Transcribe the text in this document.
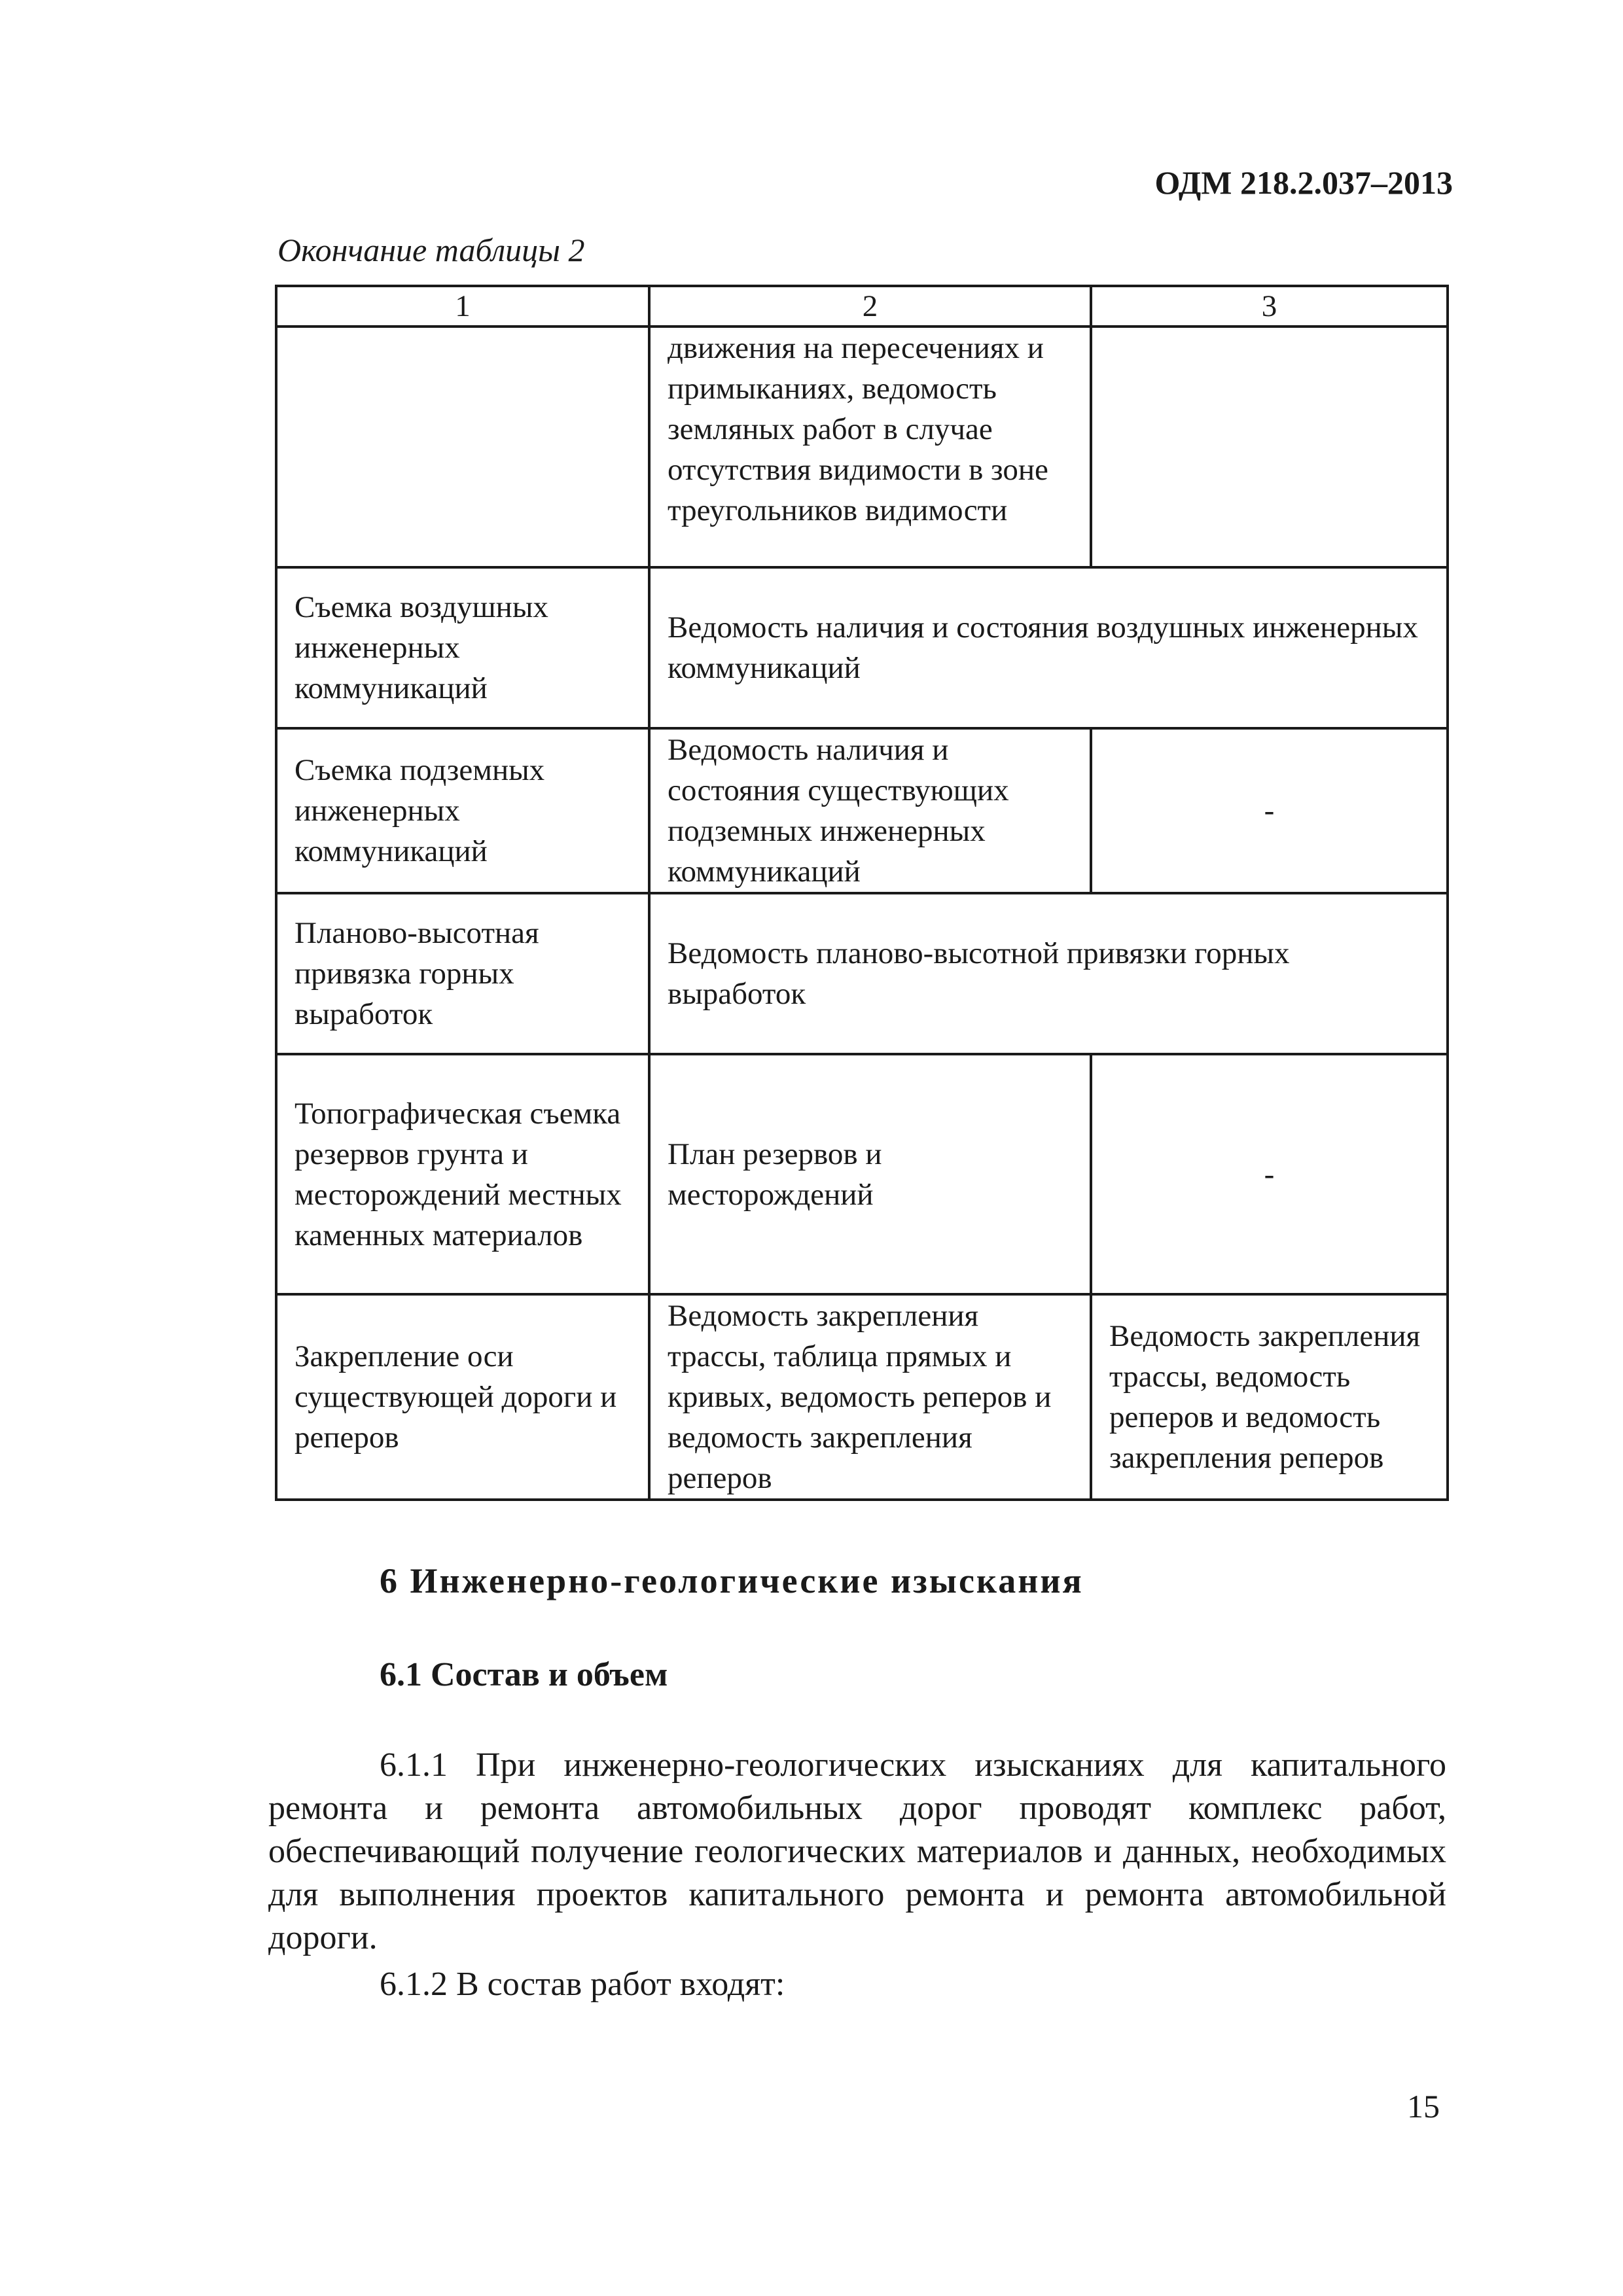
ОДМ 218.2.037–2013
Окончание таблицы 2
1	2	3
	движения на пересечениях и примыканиях, ведомость земляных работ в случае отсутствия видимости в зоне треугольников видимости	
Съемка воздушных инженерных коммуникаций	Ведомость наличия и состояния воздушных инженерных коммуникаций	
Съемка подземных инженерных коммуникаций	Ведомость наличия и состояния существующих подземных инженерных коммуникаций	-
Планово-высотная привязка горных выработок	Ведомость планово-высотной привязки горных выработок	
Топографическая съемка резервов грунта и месторождений местных каменных материалов	План резервов и месторождений	-
Закрепление оси существующей дороги и реперов	Ведомость закрепления трассы, таблица прямых и кривых, ведомость реперов и ведомость закрепления реперов	Ведомость закрепления трассы, ведомость реперов и ведомость закрепления реперов
6 Инженерно-геологические изыскания
6.1 Состав и объем
6.1.1 При инженерно-геологических изысканиях для капитального ремонта и ремонта автомобильных дорог проводят комплекс работ, обеспечивающий получение геологических материалов и данных, необходимых для выполнения проектов капитального ремонта и ремонта автомобильной дороги.
6.1.2 В состав работ входят:
15
